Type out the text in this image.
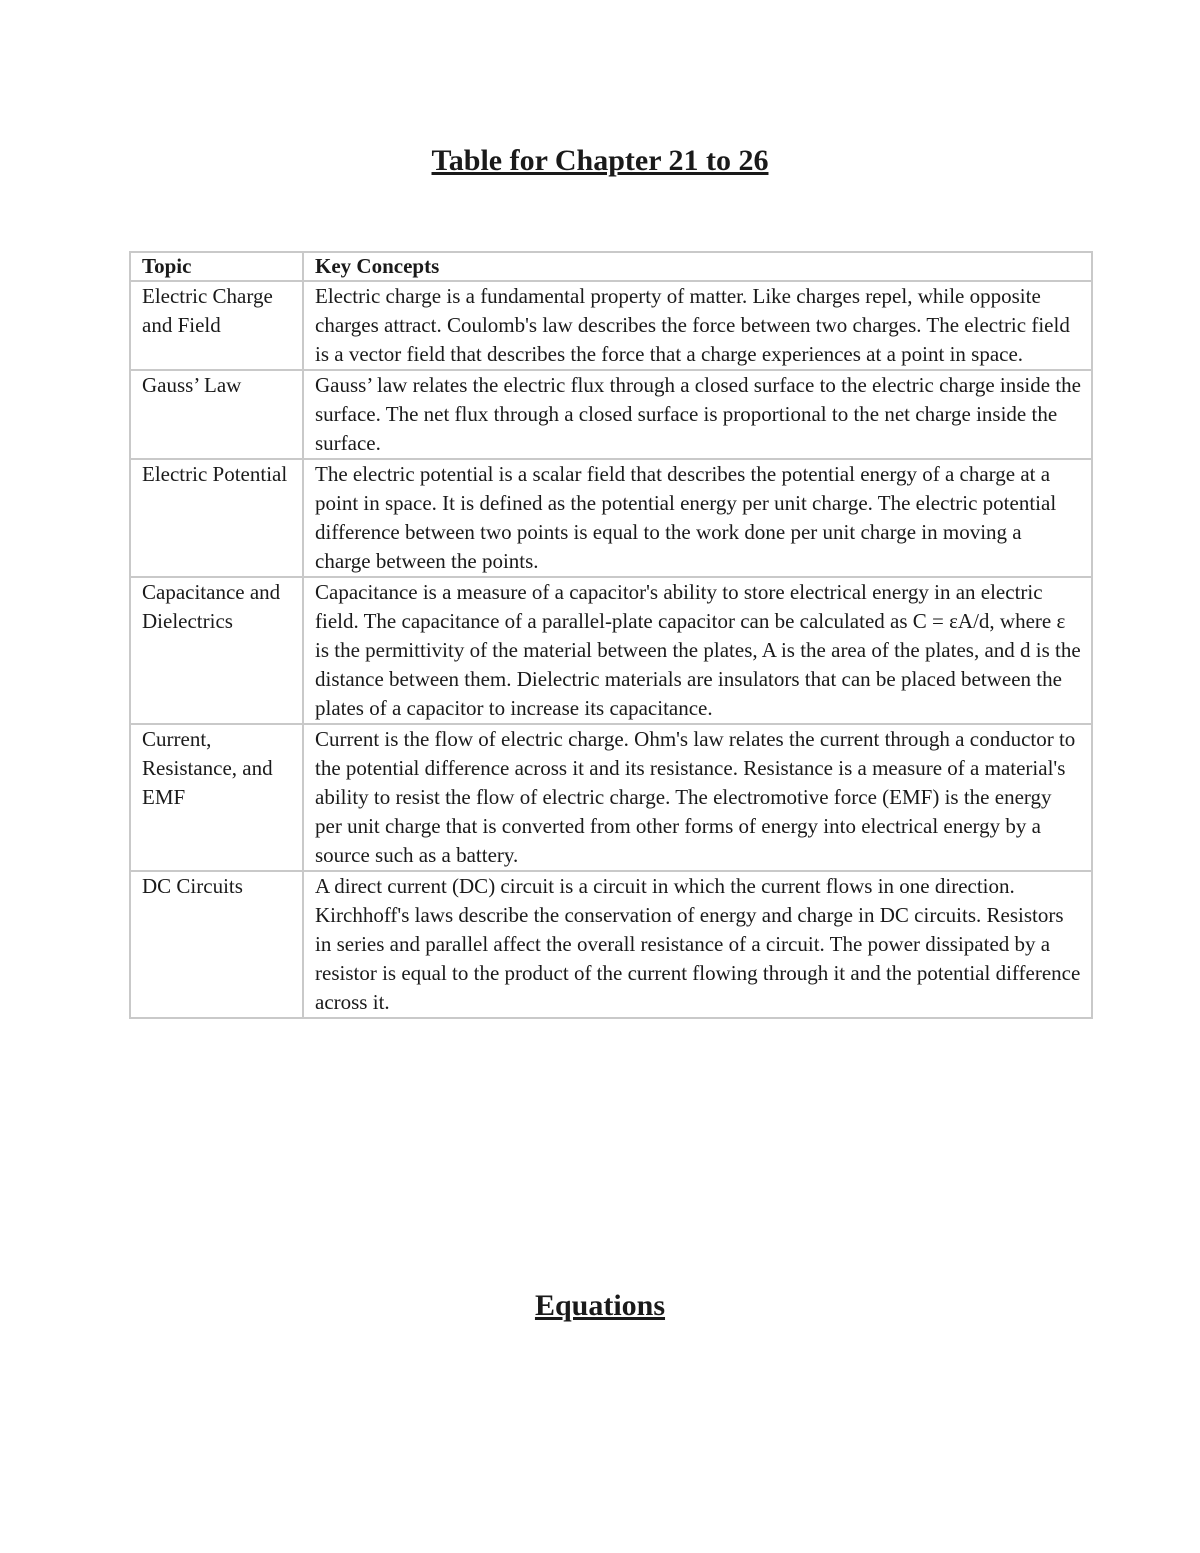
Table for Chapter 21 to 26
Topic	Key Concepts
Electric Charge and Field	Electric charge is a fundamental property of matter. Like charges repel, while opposite charges attract. Coulomb's law describes the force between two charges. The electric field is a vector field that describes the force that a charge experiences at a point in space.
Gauss’ Law	Gauss’ law relates the electric flux through a closed surface to the electric charge inside the surface. The net flux through a closed surface is proportional to the net charge inside the surface.
Electric Potential	The electric potential is a scalar field that describes the potential energy of a charge at a point in space. It is defined as the potential energy per unit charge. The electric potential difference between two points is equal to the work done per unit charge in moving a charge between the points.
Capacitance and Dielectrics	Capacitance is a measure of a capacitor's ability to store electrical energy in an electric field. The capacitance of a parallel-plate capacitor can be calculated as C = εA/d, where ε is the permittivity of the material between the plates, A is the area of the plates, and d is the distance between them. Dielectric materials are insulators that can be placed between the plates of a capacitor to increase its capacitance.
Current, Resistance, and EMF	Current is the flow of electric charge. Ohm's law relates the current through a conductor to the potential difference across it and its resistance. Resistance is a measure of a material's ability to resist the flow of electric charge. The electromotive force (EMF) is the energy per unit charge that is converted from other forms of energy into electrical energy by a source such as a battery.
DC Circuits	A direct current (DC) circuit is a circuit in which the current flows in one direction. Kirchhoff's laws describe the conservation of energy and charge in DC circuits. Resistors in series and parallel affect the overall resistance of a circuit. The power dissipated by a resistor is equal to the product of the current flowing through it and the potential difference across it.
Equations
